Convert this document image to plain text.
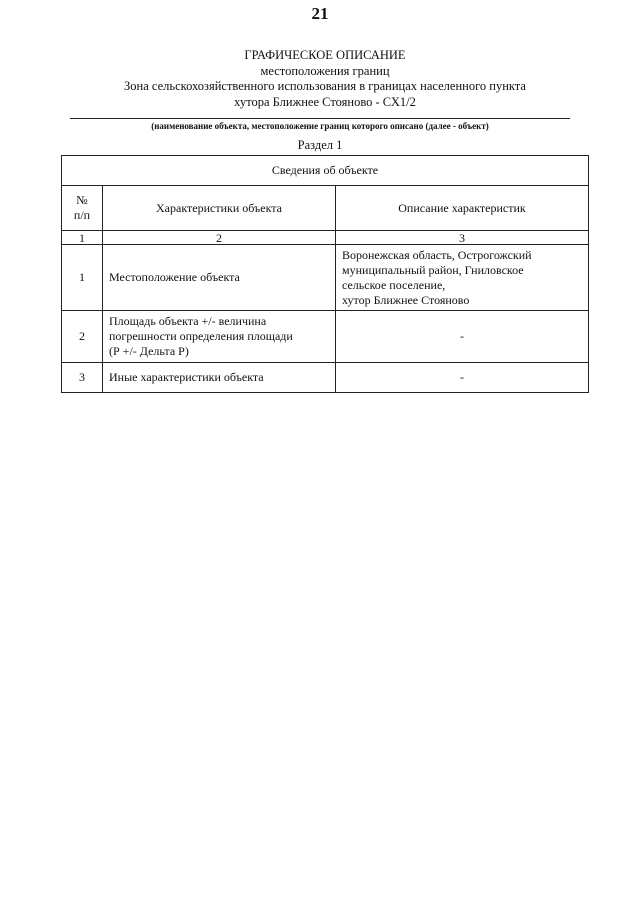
21
ГРАФИЧЕСКОЕ ОПИСАНИЕ
местоположения границ
Зона сельскохозяйственного использования в границах населенного пункта
хутора Ближнее Стояново - СХ1/2
(наименование объекта, местоположение границ которого описано (далее - объект)
Раздел 1
Сведения об объекте		
№ п/п	Характеристики объекта	Описание характеристик
1	2	3
1	Местоположение объекта	Воронежская область, Острогожский
муниципальный район, Гниловское
сельское поселение,
хутор Ближнее Стояново

2	Площадь объекта +/- величина
погрешности определения площади
(Р +/- Дельта Р)	-
3	Иные характеристики объекта	-
